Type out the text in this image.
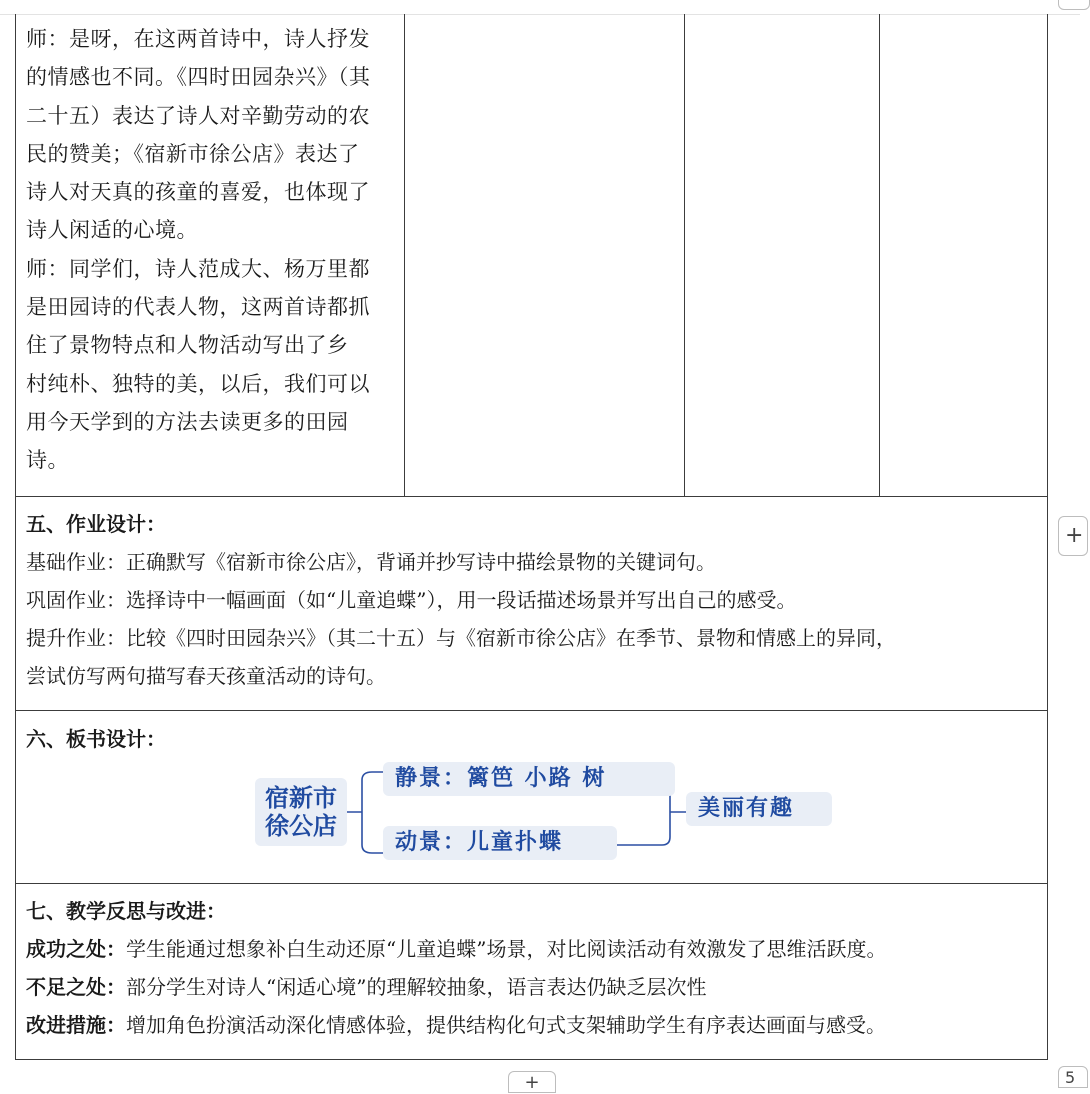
师：是呀，在这两首诗中，诗人抒发

的情感也不同。《四时田园杂兴》（其

二十五）表达了诗人对辛勤劳动的农

民的赞美；《宿新市徐公店》表达了

诗人对天真的孩童的喜爱，也体现了

诗人闲适的心境。

师：同学们，诗人范成大、杨万里都

是田园诗的代表人物，这两首诗都抓

住了景物特点和人物活动写出了乡

村纯朴、独特的美，以后，我们可以

用今天学到的方法去读更多的田园

诗。

五、作业设计：
基础作业：正确默写《宿新市徐公店》，背诵并抄写诗中描绘景物的关键词句。
巩固作业：选择诗中一幅画面（如“儿童追蝶”），用一段话描述场景并写出自己的感受。
提升作业：比较《四时田园杂兴》（其二十五）与《宿新市徐公店》在季节、景物和情感上的异同，
尝试仿写两句描写春天孩童活动的诗句。
六、板书设计：
宿新市
徐公店
静景：篱笆 小路 树
动景：儿童扑蝶
美丽有趣
七、教学反思与改进：
成功之处：学生能通过想象补白生动还原“儿童追蝶”场景，对比阅读活动有效激发了思维活跃度。
不足之处：部分学生对诗人“闲适心境”的理解较抽象，语言表达仍缺乏层次性
改进措施：增加角色扮演活动深化情感体验，提供结构化句式支架辅助学生有序表达画面与感受。
+
+	5
